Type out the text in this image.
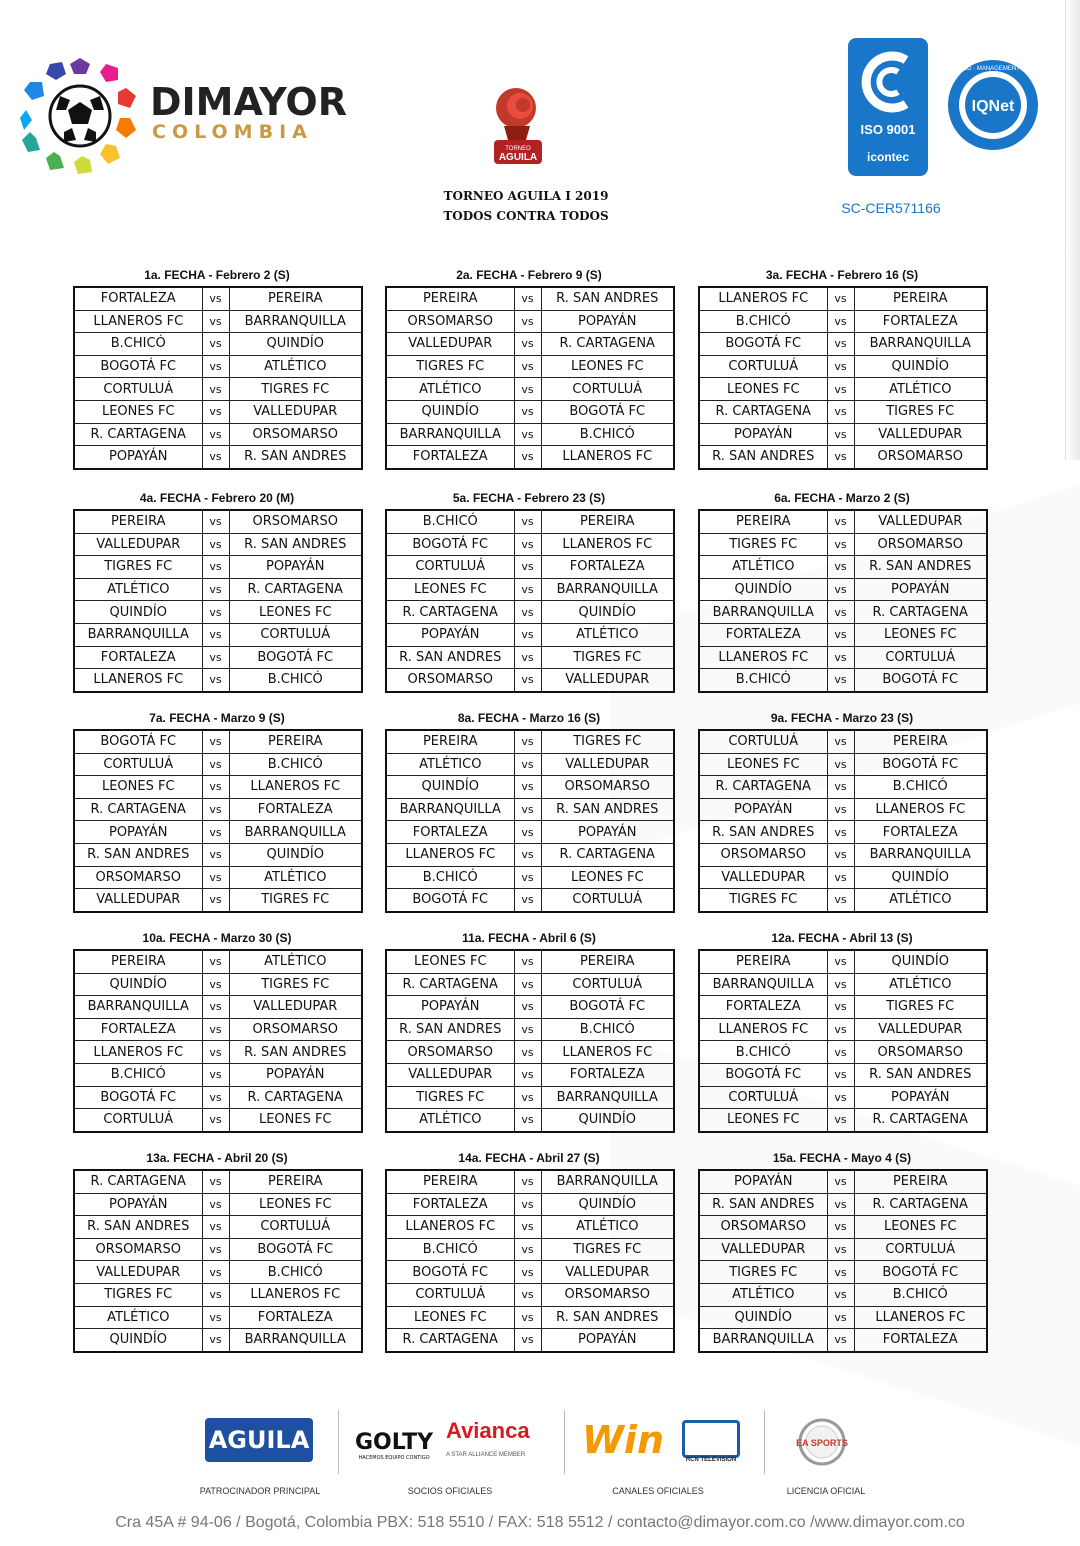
DIMAYOR
COLOMBIA
TORNEO
AGUILA
TORNEO AGUILA I 2019
TODOS CONTRA TODOS
ISO 9001
icontec
IQNet
CERTIFIED · MANAGEMENT SYSTEM
SC-CER571166
1a. FECHA - Febrero 2 (S)
FORTALEZA	vs	PEREIRA
LLANEROS FC	vs	BARRANQUILLA
B.CHICÓ	vs	QUINDÍO
BOGOTÁ FC	vs	ATLÉTICO
CORTULUÁ	vs	TIGRES FC
LEONES FC	vs	VALLEDUPAR
R. CARTAGENA	vs	ORSOMARSO
POPAYÁN	vs	R. SAN ANDRES
2a. FECHA - Febrero 9 (S)
PEREIRA	vs	R. SAN ANDRES
ORSOMARSO	vs	POPAYÁN
VALLEDUPAR	vs	R. CARTAGENA
TIGRES FC	vs	LEONES FC
ATLÉTICO	vs	CORTULUÁ
QUINDÍO	vs	BOGOTÁ FC
BARRANQUILLA	vs	B.CHICÓ
FORTALEZA	vs	LLANEROS FC
3a. FECHA - Febrero 16 (S)
LLANEROS FC	vs	PEREIRA
B.CHICÓ	vs	FORTALEZA
BOGOTÁ FC	vs	BARRANQUILLA
CORTULUÁ	vs	QUINDÍO
LEONES FC	vs	ATLÉTICO
R. CARTAGENA	vs	TIGRES FC
POPAYÁN	vs	VALLEDUPAR
R. SAN ANDRES	vs	ORSOMARSO
4a. FECHA - Febrero 20 (M)
PEREIRA	vs	ORSOMARSO
VALLEDUPAR	vs	R. SAN ANDRES
TIGRES FC	vs	POPAYÁN
ATLÉTICO	vs	R. CARTAGENA
QUINDÍO	vs	LEONES FC
BARRANQUILLA	vs	CORTULUÁ
FORTALEZA	vs	BOGOTÁ FC
LLANEROS FC	vs	B.CHICÓ
5a. FECHA - Febrero 23 (S)
B.CHICÓ	vs	PEREIRA
BOGOTÁ FC	vs	LLANEROS FC
CORTULUÁ	vs	FORTALEZA
LEONES FC	vs	BARRANQUILLA
R. CARTAGENA	vs	QUINDÍO
POPAYÁN	vs	ATLÉTICO
R. SAN ANDRES	vs	TIGRES FC
ORSOMARSO	vs	VALLEDUPAR
6a. FECHA - Marzo 2 (S)
PEREIRA	vs	VALLEDUPAR
TIGRES FC	vs	ORSOMARSO
ATLÉTICO	vs	R. SAN ANDRES
QUINDÍO	vs	POPAYÁN
BARRANQUILLA	vs	R. CARTAGENA
FORTALEZA	vs	LEONES FC
LLANEROS FC	vs	CORTULUÁ
B.CHICÓ	vs	BOGOTÁ FC
7a. FECHA - Marzo 9 (S)
BOGOTÁ FC	vs	PEREIRA
CORTULUÁ	vs	B.CHICÓ
LEONES FC	vs	LLANEROS FC
R. CARTAGENA	vs	FORTALEZA
POPAYÁN	vs	BARRANQUILLA
R. SAN ANDRES	vs	QUINDÍO
ORSOMARSO	vs	ATLÉTICO
VALLEDUPAR	vs	TIGRES FC
8a. FECHA - Marzo 16 (S)
PEREIRA	vs	TIGRES FC
ATLÉTICO	vs	VALLEDUPAR
QUINDÍO	vs	ORSOMARSO
BARRANQUILLA	vs	R. SAN ANDRES
FORTALEZA	vs	POPAYÁN
LLANEROS FC	vs	R. CARTAGENA
B.CHICÓ	vs	LEONES FC
BOGOTÁ FC	vs	CORTULUÁ
9a. FECHA - Marzo 23 (S)
CORTULUÁ	vs	PEREIRA
LEONES FC	vs	BOGOTÁ FC
R. CARTAGENA	vs	B.CHICÓ
POPAYÁN	vs	LLANEROS FC
R. SAN ANDRES	vs	FORTALEZA
ORSOMARSO	vs	BARRANQUILLA
VALLEDUPAR	vs	QUINDÍO
TIGRES FC	vs	ATLÉTICO
10a. FECHA - Marzo 30 (S)
PEREIRA	vs	ATLÉTICO
QUINDÍO	vs	TIGRES FC
BARRANQUILLA	vs	VALLEDUPAR
FORTALEZA	vs	ORSOMARSO
LLANEROS FC	vs	R. SAN ANDRES
B.CHICÓ	vs	POPAYÁN
BOGOTÁ FC	vs	R. CARTAGENA
CORTULUÁ	vs	LEONES FC
11a. FECHA - Abril 6 (S)
LEONES FC	vs	PEREIRA
R. CARTAGENA	vs	CORTULUÁ
POPAYÁN	vs	BOGOTÁ FC
R. SAN ANDRES	vs	B.CHICÓ
ORSOMARSO	vs	LLANEROS FC
VALLEDUPAR	vs	FORTALEZA
TIGRES FC	vs	BARRANQUILLA
ATLÉTICO	vs	QUINDÍO
12a. FECHA - Abril 13 (S)
PEREIRA	vs	QUINDÍO
BARRANQUILLA	vs	ATLÉTICO
FORTALEZA	vs	TIGRES FC
LLANEROS FC	vs	VALLEDUPAR
B.CHICÓ	vs	ORSOMARSO
BOGOTÁ FC	vs	R. SAN ANDRES
CORTULUÁ	vs	POPAYÁN
LEONES FC	vs	R. CARTAGENA
13a. FECHA - Abril 20 (S)
R. CARTAGENA	vs	PEREIRA
POPAYÁN	vs	LEONES FC
R. SAN ANDRES	vs	CORTULUÁ
ORSOMARSO	vs	BOGOTÁ FC
VALLEDUPAR	vs	B.CHICÓ
TIGRES FC	vs	LLANEROS FC
ATLÉTICO	vs	FORTALEZA
QUINDÍO	vs	BARRANQUILLA
14a. FECHA - Abril 27 (S)
PEREIRA	vs	BARRANQUILLA
FORTALEZA	vs	QUINDÍO
LLANEROS FC	vs	ATLÉTICO
B.CHICÓ	vs	TIGRES FC
BOGOTÁ FC	vs	VALLEDUPAR
CORTULUÁ	vs	ORSOMARSO
LEONES FC	vs	R. SAN ANDRES
R. CARTAGENA	vs	POPAYÁN
15a. FECHA - Mayo 4 (S)
POPAYÁN	vs	PEREIRA
R. SAN ANDRES	vs	R. CARTAGENA
ORSOMARSO	vs	LEONES FC
VALLEDUPAR	vs	CORTULUÁ
TIGRES FC	vs	BOGOTÁ FC
ATLÉTICO	vs	B.CHICÓ
QUINDÍO	vs	LLANEROS FC
BARRANQUILLA	vs	FORTALEZA
AGUILA GOLTY
HACEMOS EQUIPO CONTIGO
Avianca
A STAR ALLIANCE MEMBER Win	RCN TELEVISIÓN
EA SPORTS
PATROCINADOR PRINCIPAL	SOCIOS OFICIALES	CANALES OFICIALES	LICENCIA OFICIAL
Cra 45A # 94-06 / Bogotá, Colombia PBX: 518 5510 / FAX: 518 5512 / contacto@dimayor.com.co /www.dimayor.com.co
